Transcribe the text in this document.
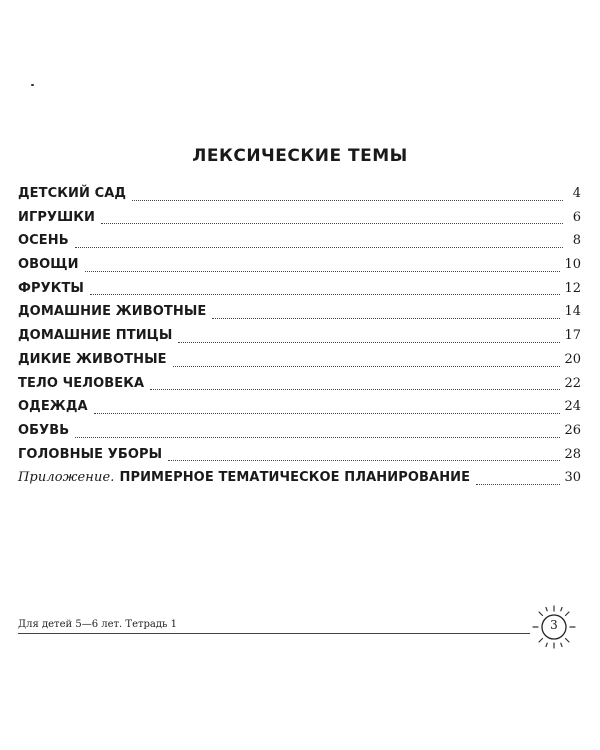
ЛЕКСИЧЕСКИЕ ТЕМЫ
ДЕТСКИЙ САД	4
ИГРУШКИ	6
ОСЕНЬ	8
ОВОЩИ	10
ФРУКТЫ	12
ДОМАШНИЕ ЖИВОТНЫЕ	14
ДОМАШНИЕ ПТИЦЫ	17
ДИКИЕ ЖИВОТНЫЕ	20
ТЕЛО ЧЕЛОВЕКА	22
ОДЕЖДА	24
ОБУВЬ	26
ГОЛОВНЫЕ УБОРЫ	28
Приложение. ПРИМЕРНОЕ ТЕМАТИЧЕСКОЕ ПЛАНИРОВАНИЕ	30
Для детей 5—6 лет. Тетрадь 1	3
